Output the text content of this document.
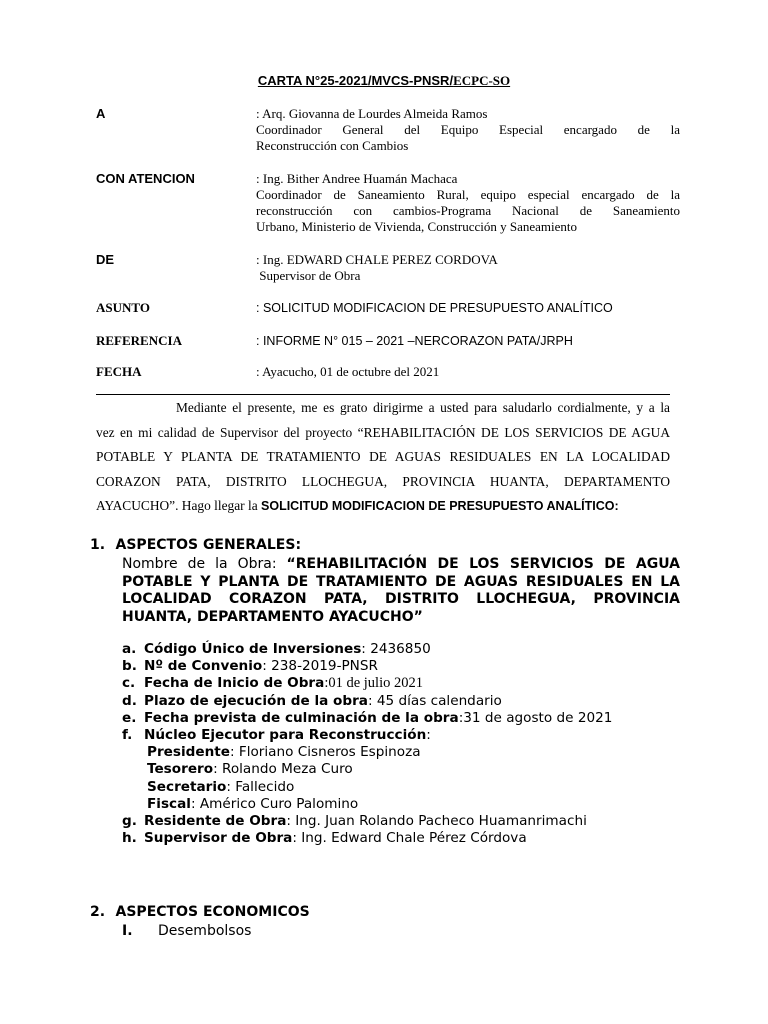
CARTA N°25-2021/MVCS-PNSR/ECPC-SO
A	: Arq. Giovanna de Lourdes Almeida Ramos
Coordinador General del Equipo Especial encargado de la
Reconstrucción con Cambios
CON ATENCION	: Ing. Bither Andree Huamán Machaca
Coordinador de Saneamiento Rural, equipo especial encargado de la
reconstrucción con cambios-Programa Nacional de Saneamiento
Urbano, Ministerio de Vivienda, Construcción y Saneamiento
DE	: Ing. EDWARD CHALE PEREZ CORDOVA
Supervisor de Obra
ASUNTO	: SOLICITUD MODIFICACION DE PRESUPUESTO ANALÍTICO
REFERENCIA	: INFORME N° 015 – 2021 –NERCORAZON PATA/JRPH
FECHA	: Ayacucho, 01 de octubre del 2021
Mediante el presente, me es grato dirigirme a usted para saludarlo cordialmente, y a la
vez en mi calidad de Supervisor del proyecto “REHABILITACIÓN DE LOS SERVICIOS DE AGUA
POTABLE Y PLANTA DE TRATAMIENTO DE AGUAS RESIDUALES EN LA LOCALIDAD
CORAZON PATA, DISTRITO LLOCHEGUA, PROVINCIA HUANTA, DEPARTAMENTO
AYACUCHO”. Hago llegar la SOLICITUD MODIFICACION DE PRESUPUESTO ANALÍTICO:
1. ASPECTOS GENERALES:
Nombre de la Obra: “REHABILITACIÓN DE LOS SERVICIOS DE AGUA
POTABLE Y PLANTA DE TRATAMIENTO DE AGUAS RESIDUALES EN LA
LOCALIDAD CORAZON PATA, DISTRITO LLOCHEGUA, PROVINCIA
HUANTA, DEPARTAMENTO AYACUCHO”
a. Código Único de Inversiones: 2436850
b. Nº de Convenio: 238-2019-PNSR
c. Fecha de Inicio de Obra:01 de julio 2021
d. Plazo de ejecución de la obra: 45 días calendario
e. Fecha prevista de culminación de la obra:31 de agosto de 2021
f. Núcleo Ejecutor para Reconstrucción:
Presidente: Floriano Cisneros Espinoza
Tesorero: Rolando Meza Curo
Secretario: Fallecido
Fiscal: Américo Curo Palomino
g. Residente de Obra: Ing. Juan Rolando Pacheco Huamanrimachi
h. Supervisor de Obra: Ing. Edward Chale Pérez Córdova
2. ASPECTOS ECONOMICOS
I. Desembolsos
